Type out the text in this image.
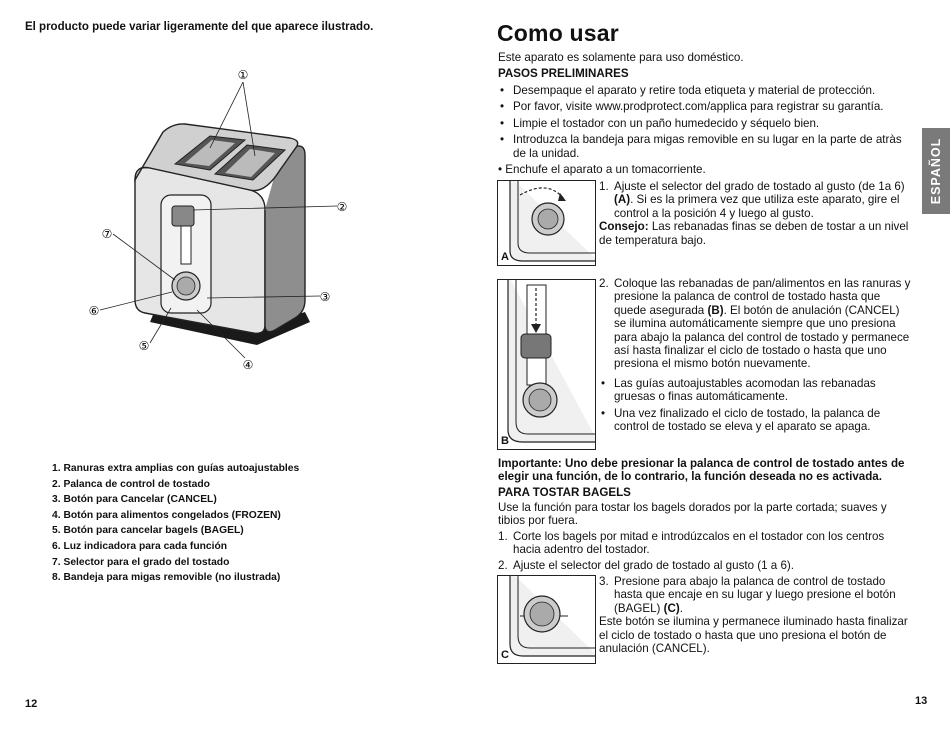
El producto puede variar ligeramente del que aparece ilustrado.
①
②
③
④
⑤
⑥
⑦
1. Ranuras extra amplias con guías autoajustables
2. Palanca de control de tostado
3. Botón para Cancelar (CANCEL)
4. Botón para alimentos congelados (FROZEN)
5. Botón para cancelar bagels (BAGEL)
6. Luz indicadora para cada función
7. Selector para el grado del tostado
8. Bandeja para migas removible (no ilustrada)
12
Como usar
Este aparato es solamente para uso doméstico.
PASOS PRELIMINARES
• Desempaque el aparato y retire toda etiqueta y material de protección.
• Por favor, visite www.prodprotect.com/applica para registrar su garantía.
• Limpie el tostador con un paño humedecido y séquelo bien.
• Introduzca la bandeja para migas removible en su lugar en la parte de atràs de la unidad.
• Enchufe el aparato a un tomacorriente.	ESPAÑOL
A
1. Ajuste el selector del grado de tostado al gusto (de 1a 6) (A). Si es la primera vez que utiliza este aparato, gire el control a la posición 4 y luego al gusto.
Consejo: Las rebanadas finas se deben de tostar a un nivel de temperatura bajo.
B
2. Coloque las rebanadas de pan/alimentos en las ranuras y presione la palanca de control de tostado hasta que quede asegurada (B). El botón de anulación (CANCEL) se ilumina automáticamente siempre que uno presiona para abajo la palanca del control de tostado y permanece así hasta finalizar el ciclo de tostado o hasta que uno presiona el mismo botón nuevamente.
• Las guías autoajustables acomodan las rebanadas gruesas o finas automáticamente.
• Una vez finalizado el ciclo de tostado, la palanca de control de tostado se eleva y el aparato se apaga.
Importante: Uno debe presionar la palanca de control de tostado antes de elegir una función, de lo contrario, la función deseada no es activada.
PARA TOSTAR BAGELS
Use la función para tostar los bagels dorados por la parte cortada; suaves y tibios por fuera.
1. Corte los bagels por mitad e introdúzcalos en el tostador con los centros hacia adentro del tostador.
2. Ajuste el selector del grado de tostado al gusto (1 a 6).
C
3. Presione para abajo la palanca de control de tostado hasta que encaje en su lugar y luego presione el botón (BAGEL) (C).
Este botón se ilumina y permanece iluminado hasta finalizar el ciclo de tostado o hasta que uno presiona el botón de anulación (CANCEL).
13
